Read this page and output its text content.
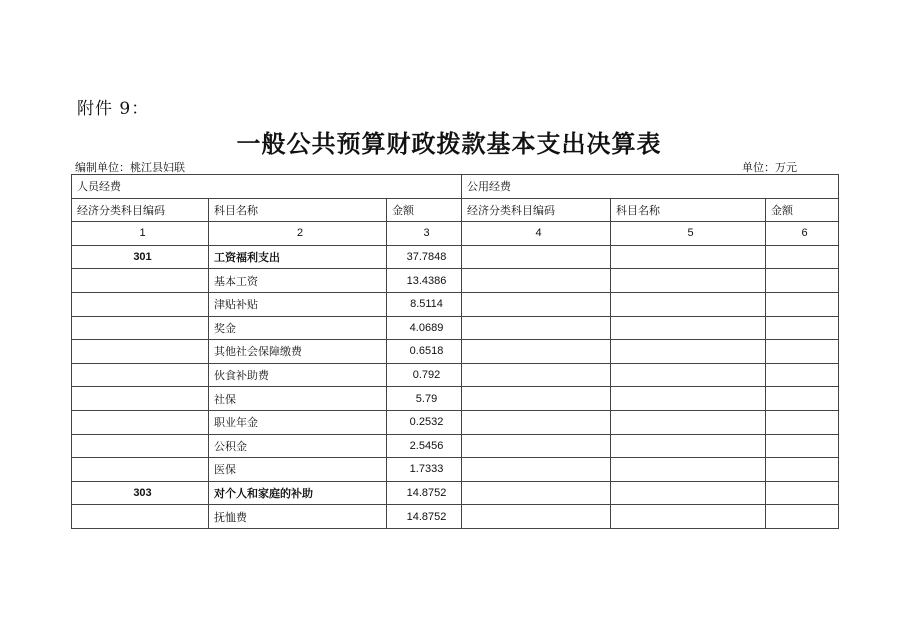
附件 9：
一般公共预算财政拨款基本支出决算表
编制单位：桃江县妇联	单位：万元
人员经费			公用经费		
经济分类科目编码	科目名称	金额	经济分类科目编码	科目名称	金额
1	2	3	4	5	6
301	工资福利支出	37.7848			
	基本工资	13.4386			
	津贴补贴	8.5114			
	奖金	4.0689			
	其他社会保障缴费	0.6518			
	伙食补助费	0.792			
	社保	5.79			
	职业年金	0.2532			
	公积金	2.5456			
	医保	1.7333			
303	对个人和家庭的补助	14.8752			
	抚恤费	14.8752			
